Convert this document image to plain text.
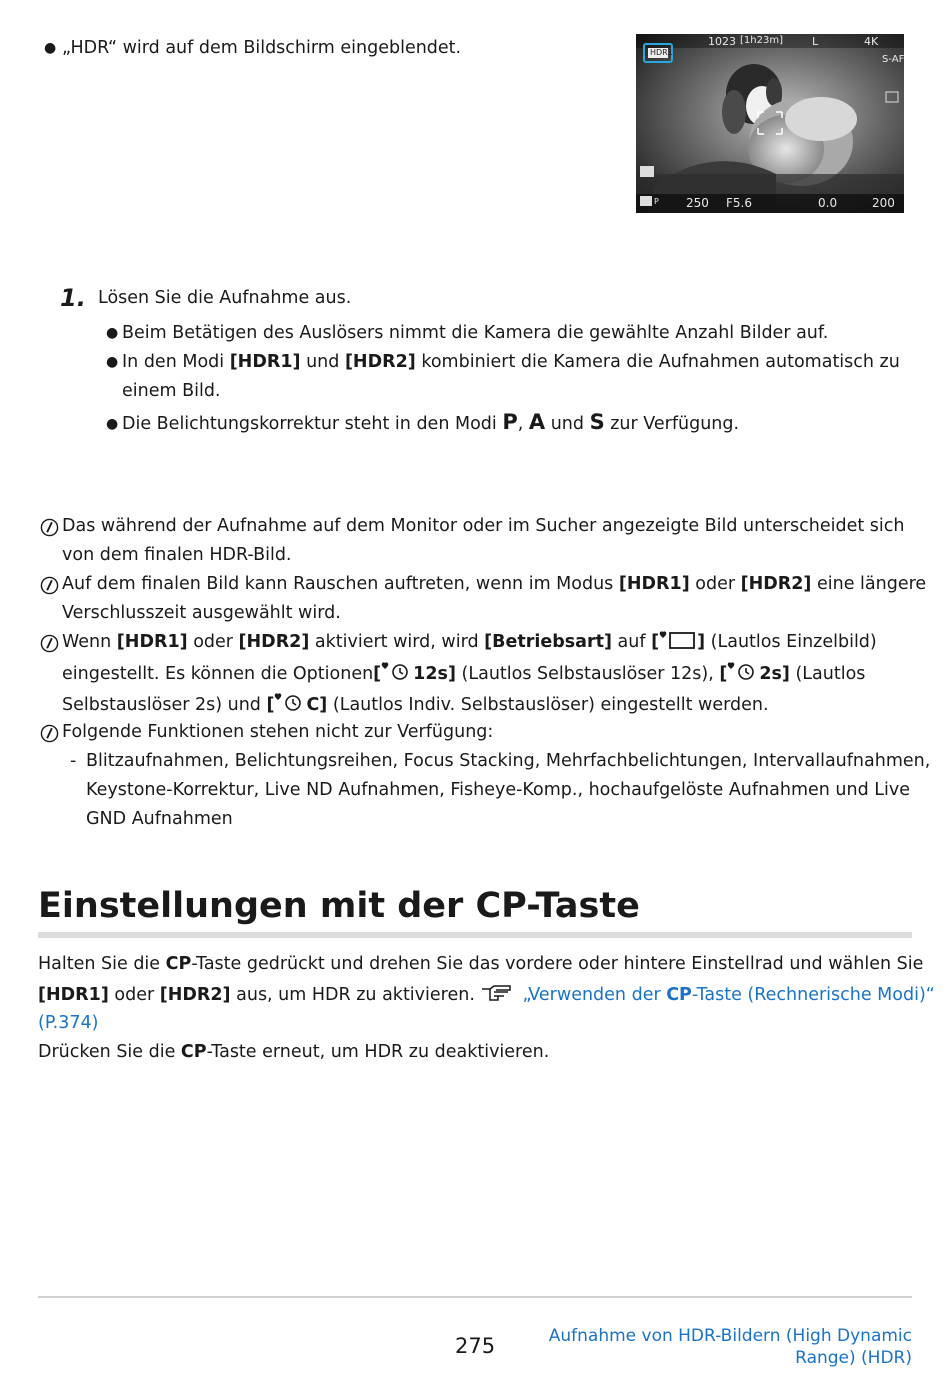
● „HDR“ wird auf dem Bildschirm eingeblendet.	HDR1
1023 [1h23m]	L	4K
S-AF
P 250 F5.6	0.0	200
1. Lösen Sie die Aufnahme aus.
● Beim Betätigen des Auslösers nimmt die Kamera die gewählte Anzahl Bilder auf.
● In den Modi [HDR1] und [HDR2] kombiniert die Kamera die Aufnahmen automatisch zu
einem Bild.
● Die Belichtungskorrektur steht in den Modi P, A und S zur Verfügung.
Das während der Aufnahme auf dem Monitor oder im Sucher angezeigte Bild unterscheidet sich
von dem finalen HDR-Bild.
Auf dem finalen Bild kann Rauschen auftreten, wenn im Modus [HDR1] oder [HDR2] eine längere
Verschlusszeit ausgewählt wird.
Wenn [HDR1] oder [HDR2] aktiviert wird, wird [Betriebsart] auf [ ] (Lautlos Einzelbild)
eingestellt. Es können die Optionen[ 12s] (Lautlos Selbstauslöser 12s), [ 2s] (Lautlos
Selbstauslöser 2s) und [ C] (Lautlos Indiv. Selbstauslöser) eingestellt werden.
Folgende Funktionen stehen nicht zur Verfügung:
- Blitzaufnahmen, Belichtungsreihen, Focus Stacking, Mehrfachbelichtungen, Intervallaufnahmen,
Keystone-Korrektur, Live ND Aufnahmen, Fisheye-Komp., hochaufgelöste Aufnahmen und Live
GND Aufnahmen
Einstellungen mit der CP-Taste
Halten Sie die CP-Taste gedrückt und drehen Sie das vordere oder hintere Einstellrad und wählen Sie
[HDR1] oder [HDR2] aus, um HDR zu aktivieren. „Verwenden der CP-Taste (Rechnerische Modi)“
(P.374)
Drücken Sie die CP-Taste erneut, um HDR zu deaktivieren.
275	Aufnahme von HDR-Bildern (High Dynamic
Range) (HDR)
